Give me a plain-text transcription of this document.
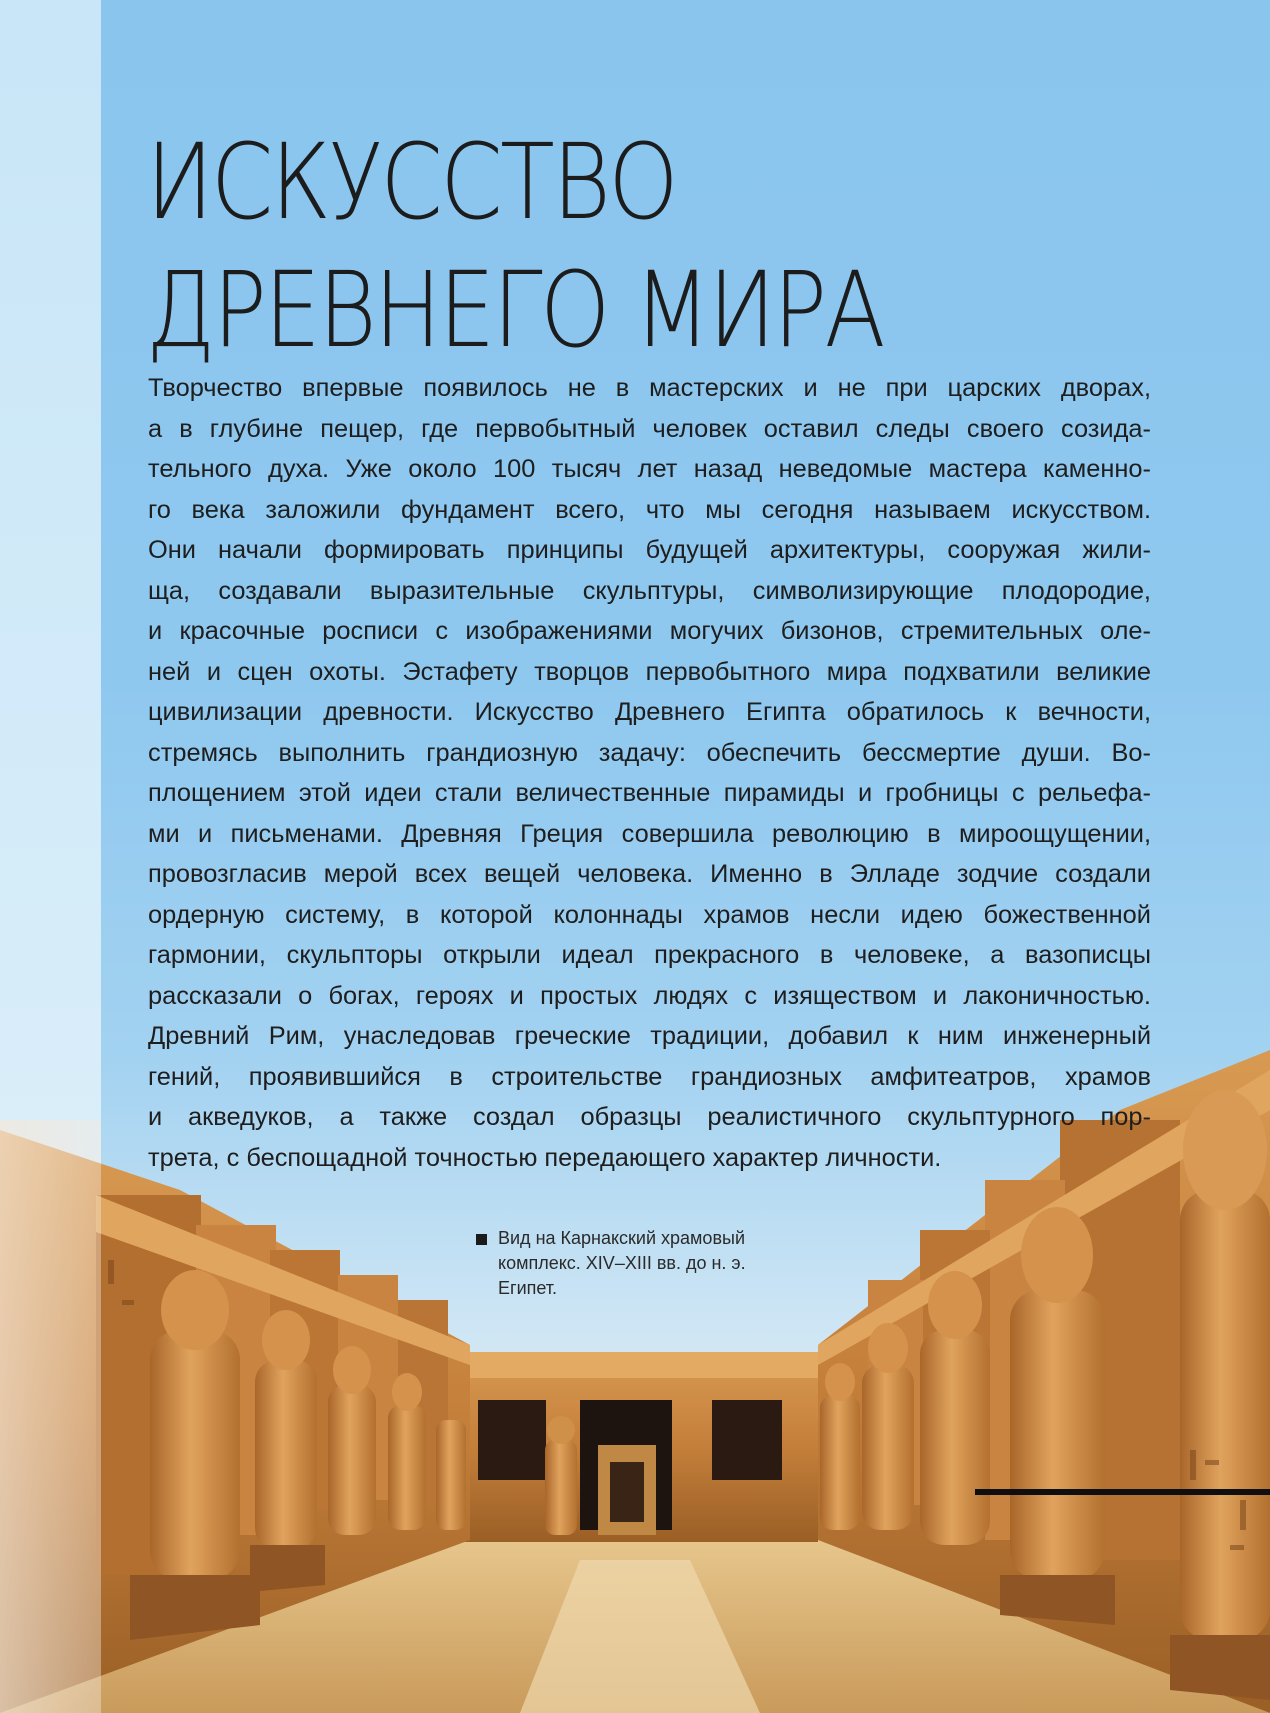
ИСКУССТВО
ДРЕВНЕГО МИРА
Творчество впервые появилось не в мастерских и не при царских дворах,
а в глубине пещер, где первобытный человек оставил следы своего созида-
тельного духа. Уже около 100 тысяч лет назад неведомые мастера каменно-
го века заложили фундамент всего, что мы сегодня называем искусством.
Они начали формировать принципы будущей архитектуры, сооружая жили-
ща, создавали выразительные скульптуры, символизирующие плодородие,
и красочные росписи с изображениями могучих бизонов, стремительных оле-
ней и сцен охоты. Эстафету творцов первобытного мира подхватили великие
цивилизации древности. Искусство Древнего Египта обратилось к вечности,
стремясь выполнить грандиозную задачу: обеспечить бессмертие души. Во-
площением этой идеи стали величественные пирамиды и гробницы с рельефа-
ми и письменами. Древняя Греция совершила революцию в мироощущении,
провозгласив мерой всех вещей человека. Именно в Элладе зодчие создали
ордерную систему, в которой колоннады храмов несли идею божественной
гармонии, скульпторы открыли идеал прекрасного в человеке, а вазописцы
рассказали о богах, героях и простых людях с изяществом и лаконичностью.
Древний Рим, унаследовав греческие традиции, добавил к ним инженерный
гений, проявившийся в строительстве грандиозных амфитеатров, храмов
и акведуков, а также создал образцы реалистичного скульптурного пор-
трета, с беспощадной точностью передающего характер личности.
Вид на Карнакский храмовый
комплекс. XIV–XIII вв. до н. э.
Египет.
